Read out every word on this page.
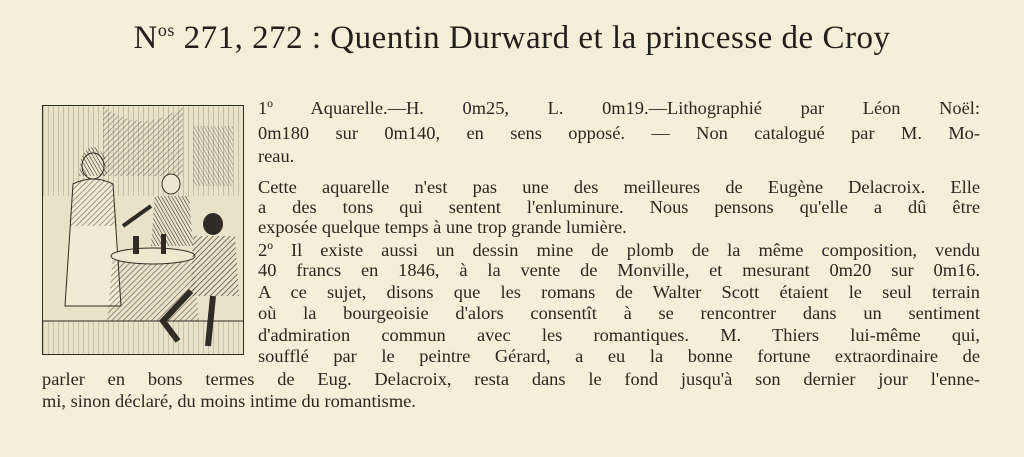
$N^{os}$ 271, 272 : Quentin Durward et la princesse de Croy
1º Aquarelle.—H. 0m25, L. 0m19.—Lithographié par Léon Noël:
0m180 sur 0m140, en sens opposé. — Non catalogué par M. Mo-
reau.
Cette aquarelle n'est pas une des meilleures de Eugène Delacroix. Elle
a des tons qui sentent l'enluminure. Nous pensons qu'elle a dû être
exposée quelque temps à une trop grande lumière.
2º Il existe aussi un dessin mine de plomb de la même composition, vendu
40 francs en 1846, à la vente de Monville, et mesurant 0m20 sur 0m16.
A ce sujet, disons que les romans de Walter Scott étaient le seul terrain
où la bourgeoisie d'alors consentît à se rencontrer dans un sentiment
d'admiration commun avec les romantiques. M. Thiers lui-même qui,
soufflé par le peintre Gérard, a eu la bonne fortune extraordinaire de
parler en bons termes de Eug. Delacroix, resta dans le fond jusqu'à son dernier jour l'enne-
mi, sinon déclaré, du moins intime du romantisme.
